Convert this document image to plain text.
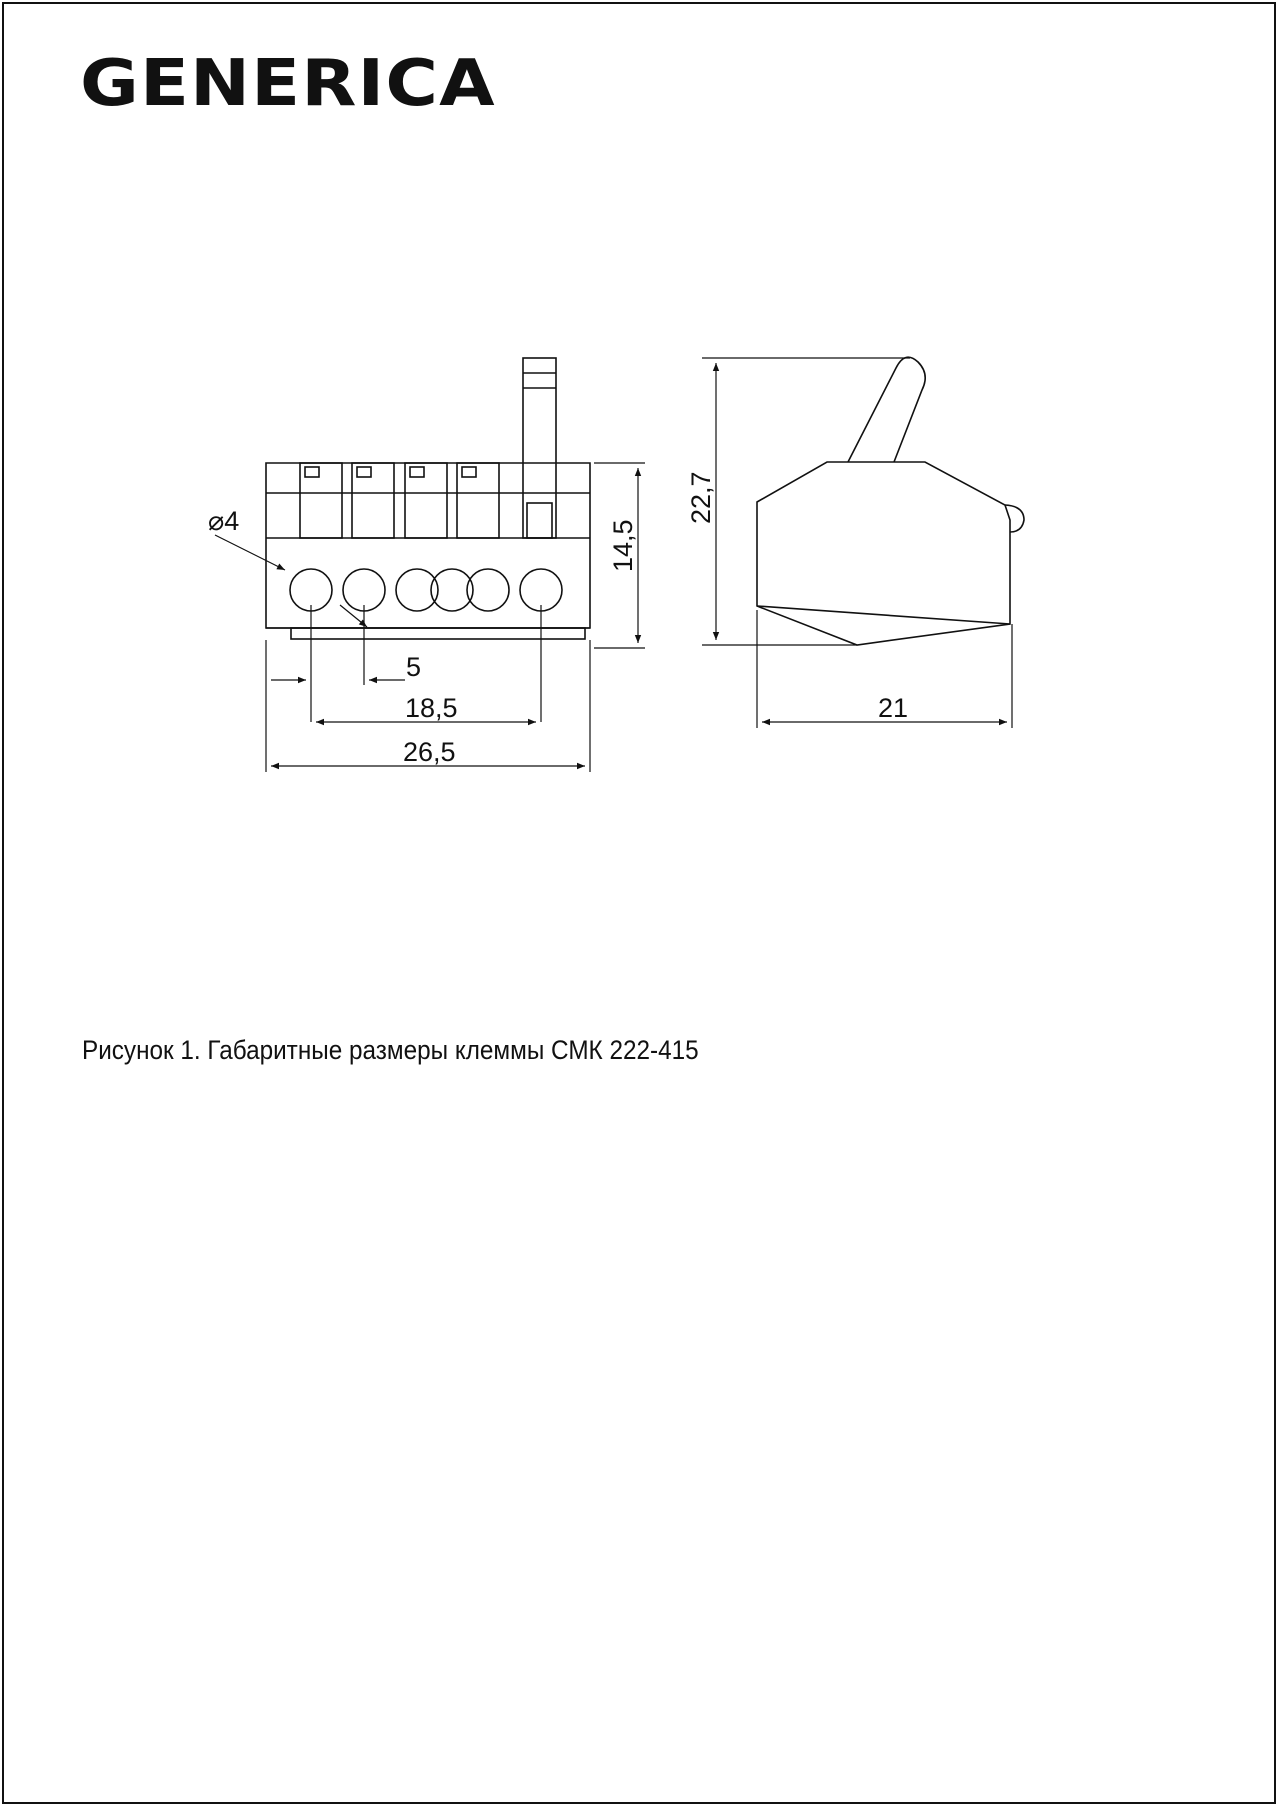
GENERICA
⌀4
5
18,5
26,5
14,5
22,7
21
Рисунок 1. Габаритные размеры клеммы СМК 222-415
